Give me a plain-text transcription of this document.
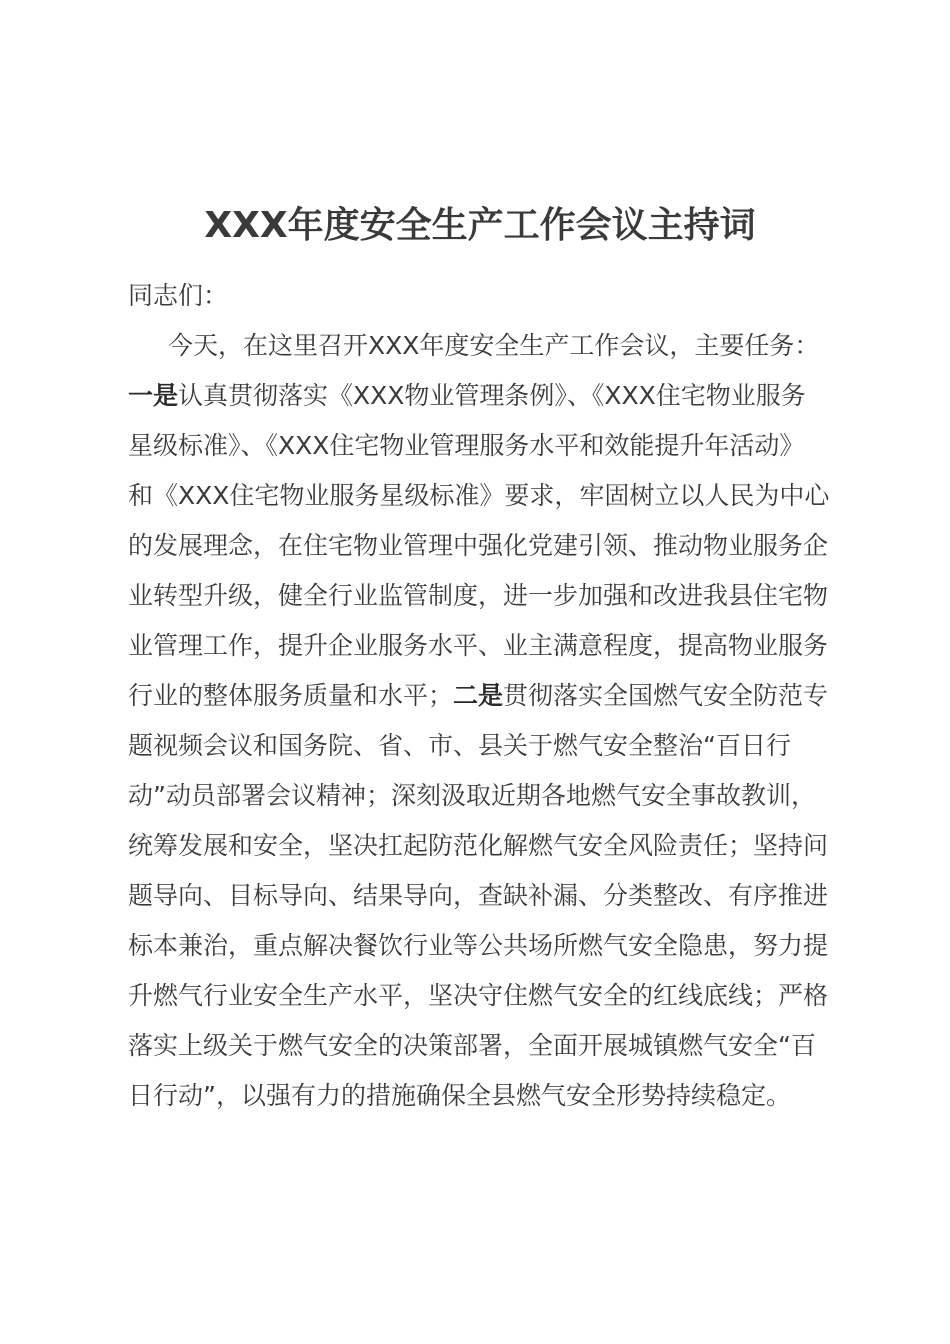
XXX年度安全生产工作会议主持词
同志们：
今天，在这里召开XXX年度安全生产工作会议，主要任务：
一是认真贯彻落实《XXX物业管理条例》、《XXX住宅物业服务
星级标准》、《XXX住宅物业管理服务水平和效能提升年活动》
和《XXX住宅物业服务星级标准》要求，牢固树立以人民为中心
的发展理念，在住宅物业管理中强化党建引领、推动物业服务企
业转型升级，健全行业监管制度，进一步加强和改进我县住宅物
业管理工作，提升企业服务水平、业主满意程度，提高物业服务
行业的整体服务质量和水平；二是贯彻落实全国燃气安全防范专
题视频会议和国务院、省、市、县关于燃气安全整治“百日行
动”动员部署会议精神；深刻汲取近期各地燃气安全事故教训，
统筹发展和安全，坚决扛起防范化解燃气安全风险责任；坚持问
题导向、目标导向、结果导向，查缺补漏、分类整改、有序推进
标本兼治，重点解决餐饮行业等公共场所燃气安全隐患，努力提
升燃气行业安全生产水平，坚决守住燃气安全的红线底线；严格
落实上级关于燃气安全的决策部署，全面开展城镇燃气安全“百
日行动”，以强有力的措施确保全县燃气安全形势持续稳定。
